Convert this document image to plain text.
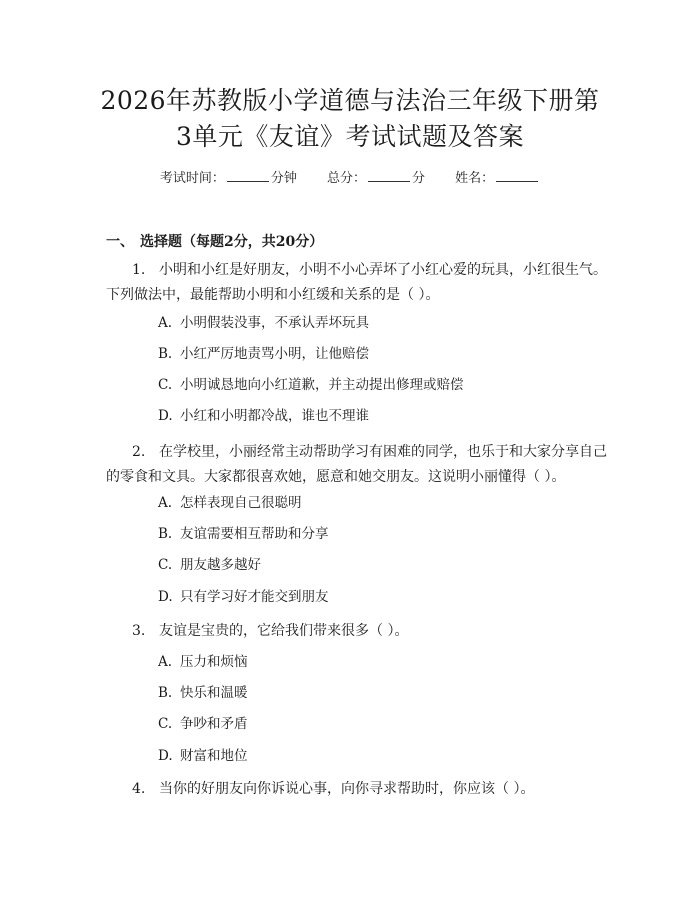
2026年苏教版小学道德与法治三年级下册第
3单元《友谊》考试试题及答案
考试时间：	分钟 总分：	分 姓名：
一、 选择题（每题2分，共20分）
1. 小明和小红是好朋友，小明不小心弄坏了小红心爱的玩具，小红很生气。下列做法中，最能帮助小明和小红缓和关系的是（ ）。
A. 小明假装没事，不承认弄坏玩具
B. 小红严厉地责骂小明，让他赔偿
C. 小明诚恳地向小红道歉，并主动提出修理或赔偿
D. 小红和小明都冷战，谁也不理谁
2. 在学校里，小丽经常主动帮助学习有困难的同学，也乐于和大家分享自己的零食和文具。大家都很喜欢她，愿意和她交朋友。这说明小丽懂得（ ）。
A. 怎样表现自己很聪明
B. 友谊需要相互帮助和分享
C. 朋友越多越好
D. 只有学习好才能交到朋友
3. 友谊是宝贵的，它给我们带来很多（ ）。
A. 压力和烦恼
B. 快乐和温暖
C. 争吵和矛盾
D. 财富和地位
4. 当你的好朋友向你诉说心事，向你寻求帮助时，你应该（ ）。
